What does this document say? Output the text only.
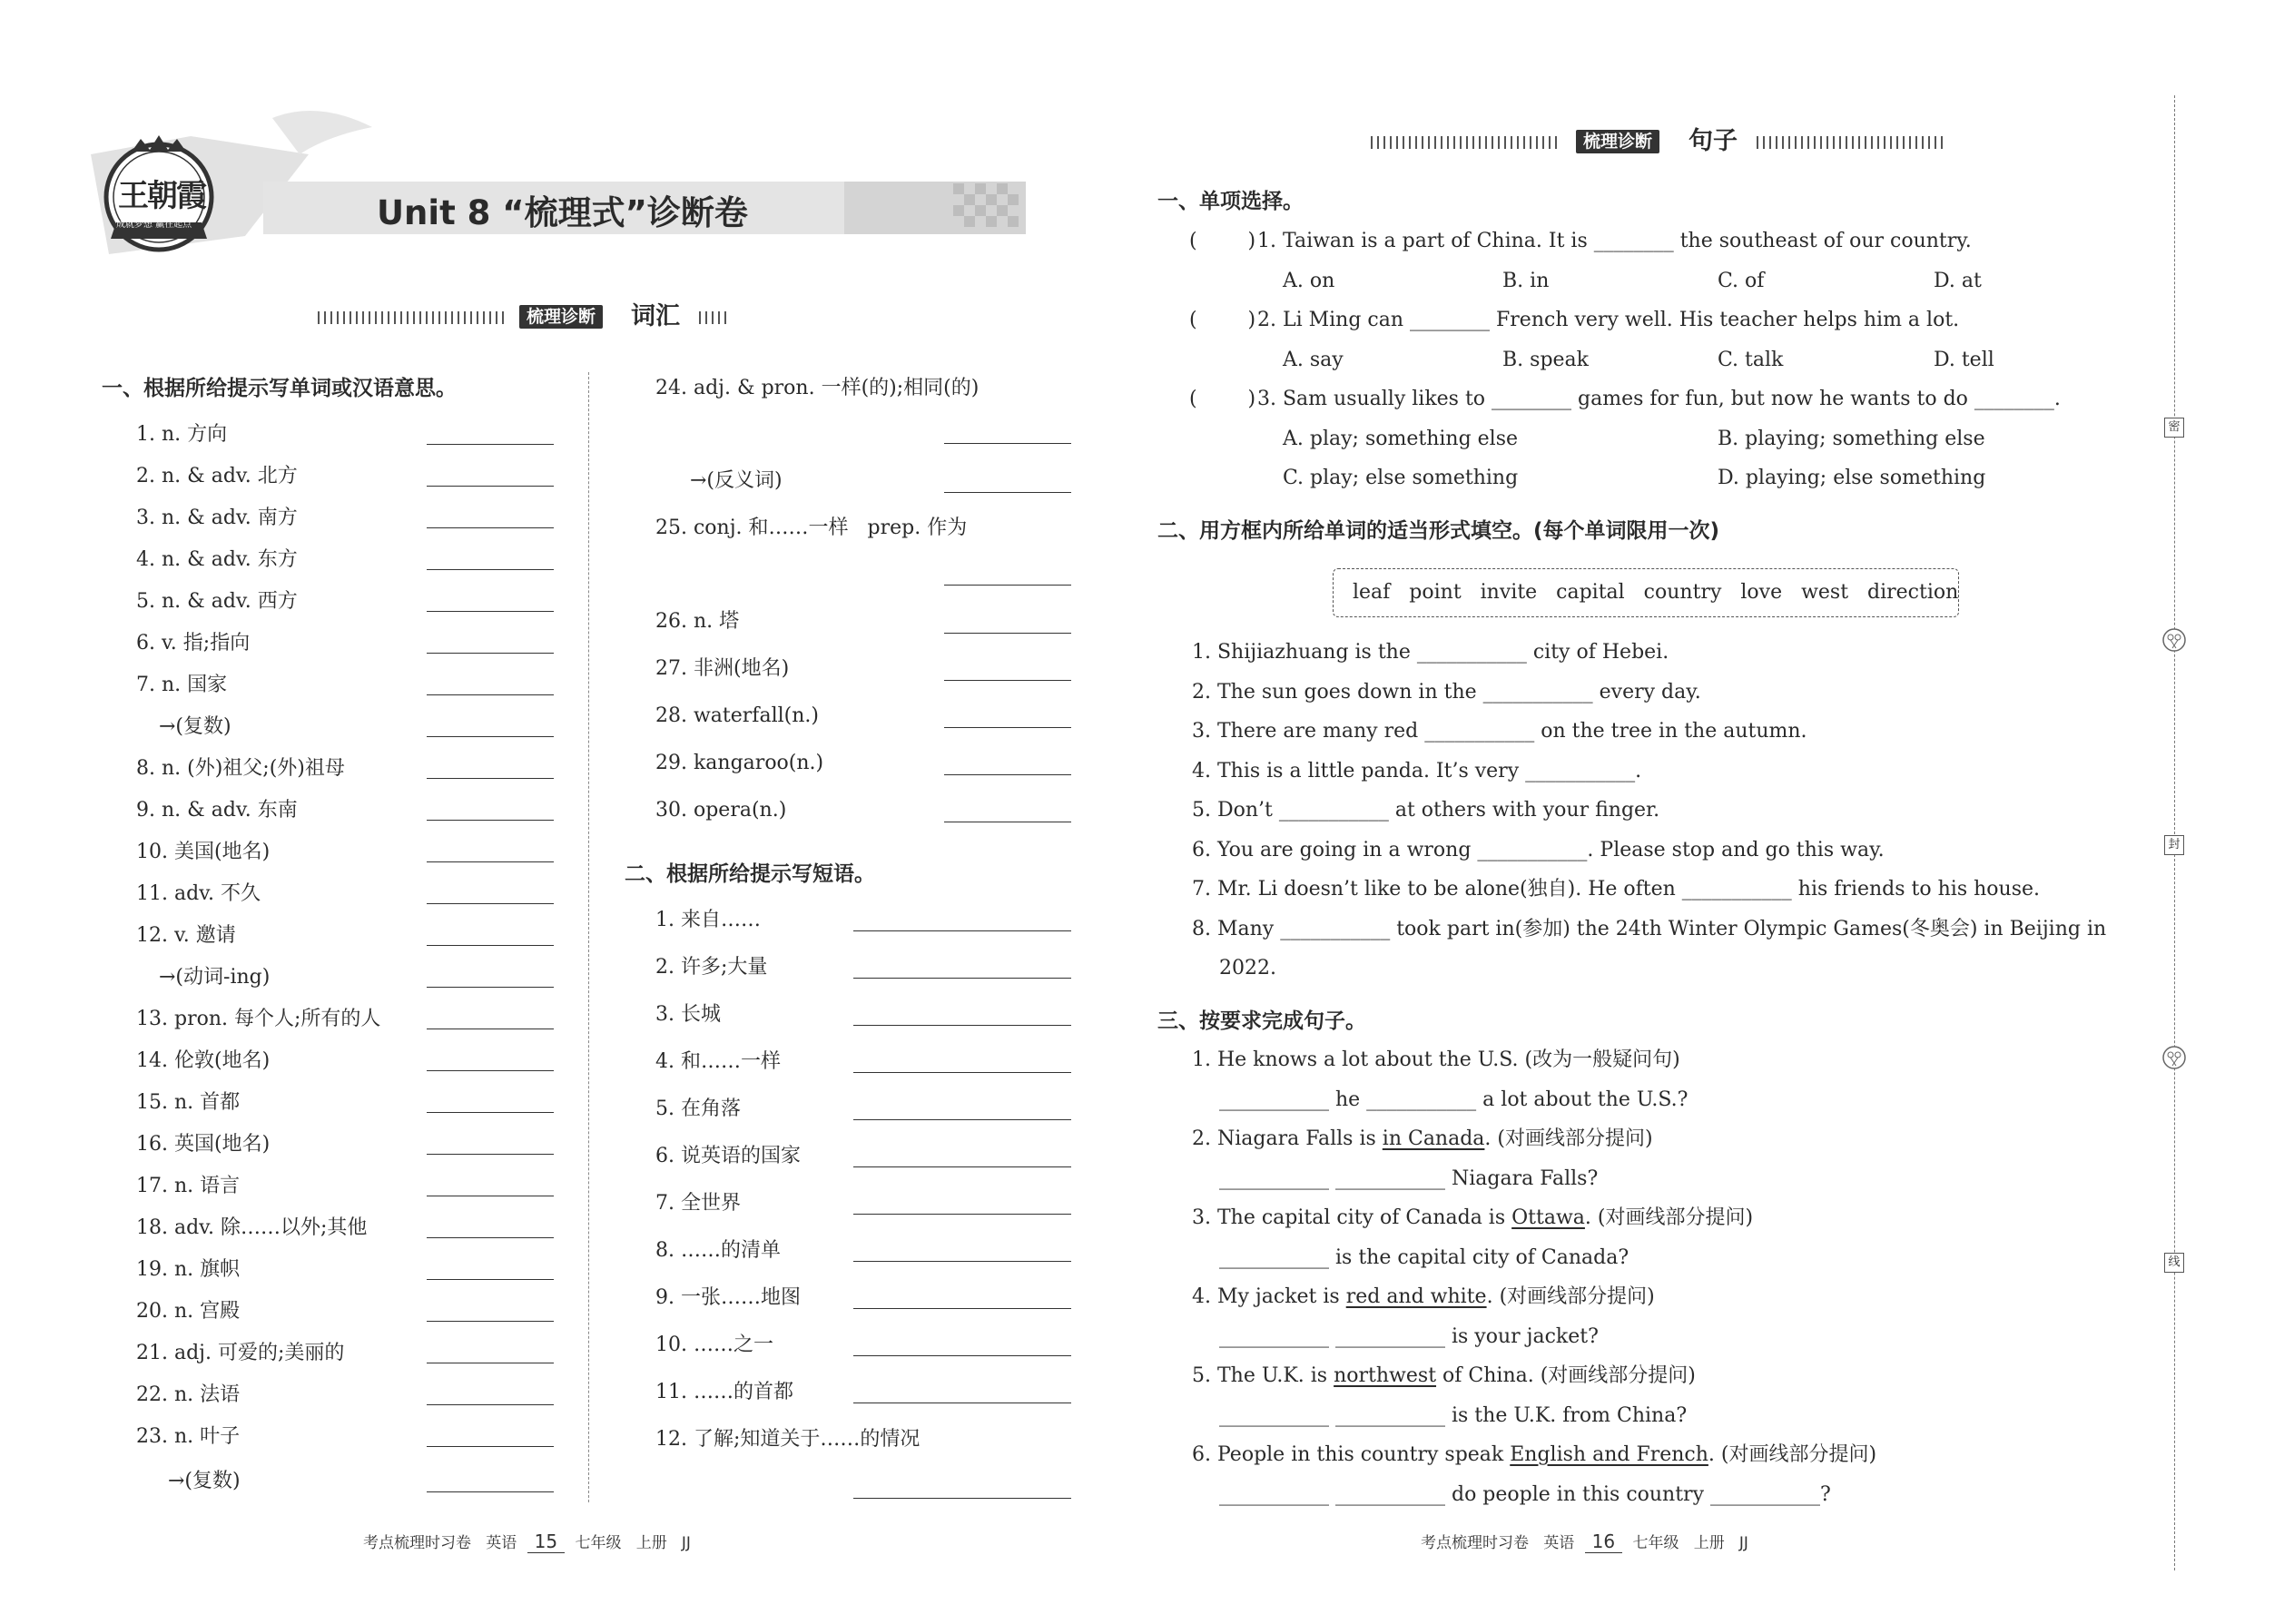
王朝霞
成就梦想 赢在起点	Unit 8 “梳理式”诊断卷
梳理诊断 词汇
一、根据所给提示写单词或汉语意思。
1. n. 方向
2. n. & adv. 北方
3. n. & adv. 南方
4. n. & adv. 东方
5. n. & adv. 西方
6. v. 指;指向
7. n. 国家
→(复数)
8. n. (外)祖父;(外)祖母
9. n. & adv. 东南
10. 美国(地名)
11. adv. 不久
12. v. 邀请
→(动词-ing)
13. pron. 每个人;所有的人
14. 伦敦(地名)
15. n. 首都
16. 英国(地名)
17. n. 语言
18. adv. 除……以外;其他
19. n. 旗帜
20. n. 宫殿
21. adj. 可爱的;美丽的
22. n. 法语
23. n. 叶子
→(复数)
24. adj. & pron. 一样(的);相同(的)
→(反义词)
25. conj. 和……一样   prep. 作为
26. n. 塔
27. 非洲(地名)
28. waterfall(n.)
29. kangaroo(n.)
30. opera(n.)
二、根据所给提示写短语。
1. 来自……
2. 许多;大量
3. 长城
4. 和……一样
5. 在角落
6. 说英语的国家
7. 全世界
8. ……的清单
9. 一张……地图
10. ……之一
11. ……的首都
12. 了解;知道关于……的情况
考点梳理时习卷   英语 15 七年级   上册   JJ
梳理诊断 句子
一、单项选择。
(        ) 1. Taiwan is a part of China. It is ________ the southeast of our country.
A. on	B. in	C. of	D. at
(        ) 2. Li Ming can ________ French very well. His teacher helps him a lot.
A. say	B. speak	C. talk	D. tell
(        ) 3. Sam usually likes to ________ games for fun, but now he wants to do ________.
A. play; something else	B. playing; something else
C. play; else something	D. playing; else something
二、用方框内所给单词的适当形式填空。(每个单词限用一次)
leaf   point   invite   capital   country   love   west   direction
1. Shijiazhuang is the ___________ city of Hebei.
2. The sun goes down in the ___________ every day.
3. There are many red ___________ on the tree in the autumn.
4. This is a little panda. It’s very ___________.
5. Don’t ___________ at others with your finger.
6. You are going in a wrong ___________. Please stop and go this way.
7. Mr. Li doesn’t like to be alone(独自). He often ___________ his friends to his house.
8. Many ___________ took part in(参加) the 24th Winter Olympic Games(冬奥会) in Beijing in
2022.
三、按要求完成句子。
1. He knows a lot about the U.S. (改为一般疑问句)
___________ he ___________ a lot about the U.S.?
2. Niagara Falls is in Canada. (对画线部分提问)
___________ ___________ Niagara Falls?
3. The capital city of Canada is Ottawa. (对画线部分提问)
___________ is the capital city of Canada?
4. My jacket is red and white. (对画线部分提问)
___________ ___________ is your jacket?
5. The U.K. is northwest of China. (对画线部分提问)
___________ ___________ is the U.K. from China?
6. People in this country speak English and French. (对画线部分提问)
___________ ___________ do people in this country ___________?
考点梳理时习卷   英语 16 七年级   上册   JJ
密
封
线
